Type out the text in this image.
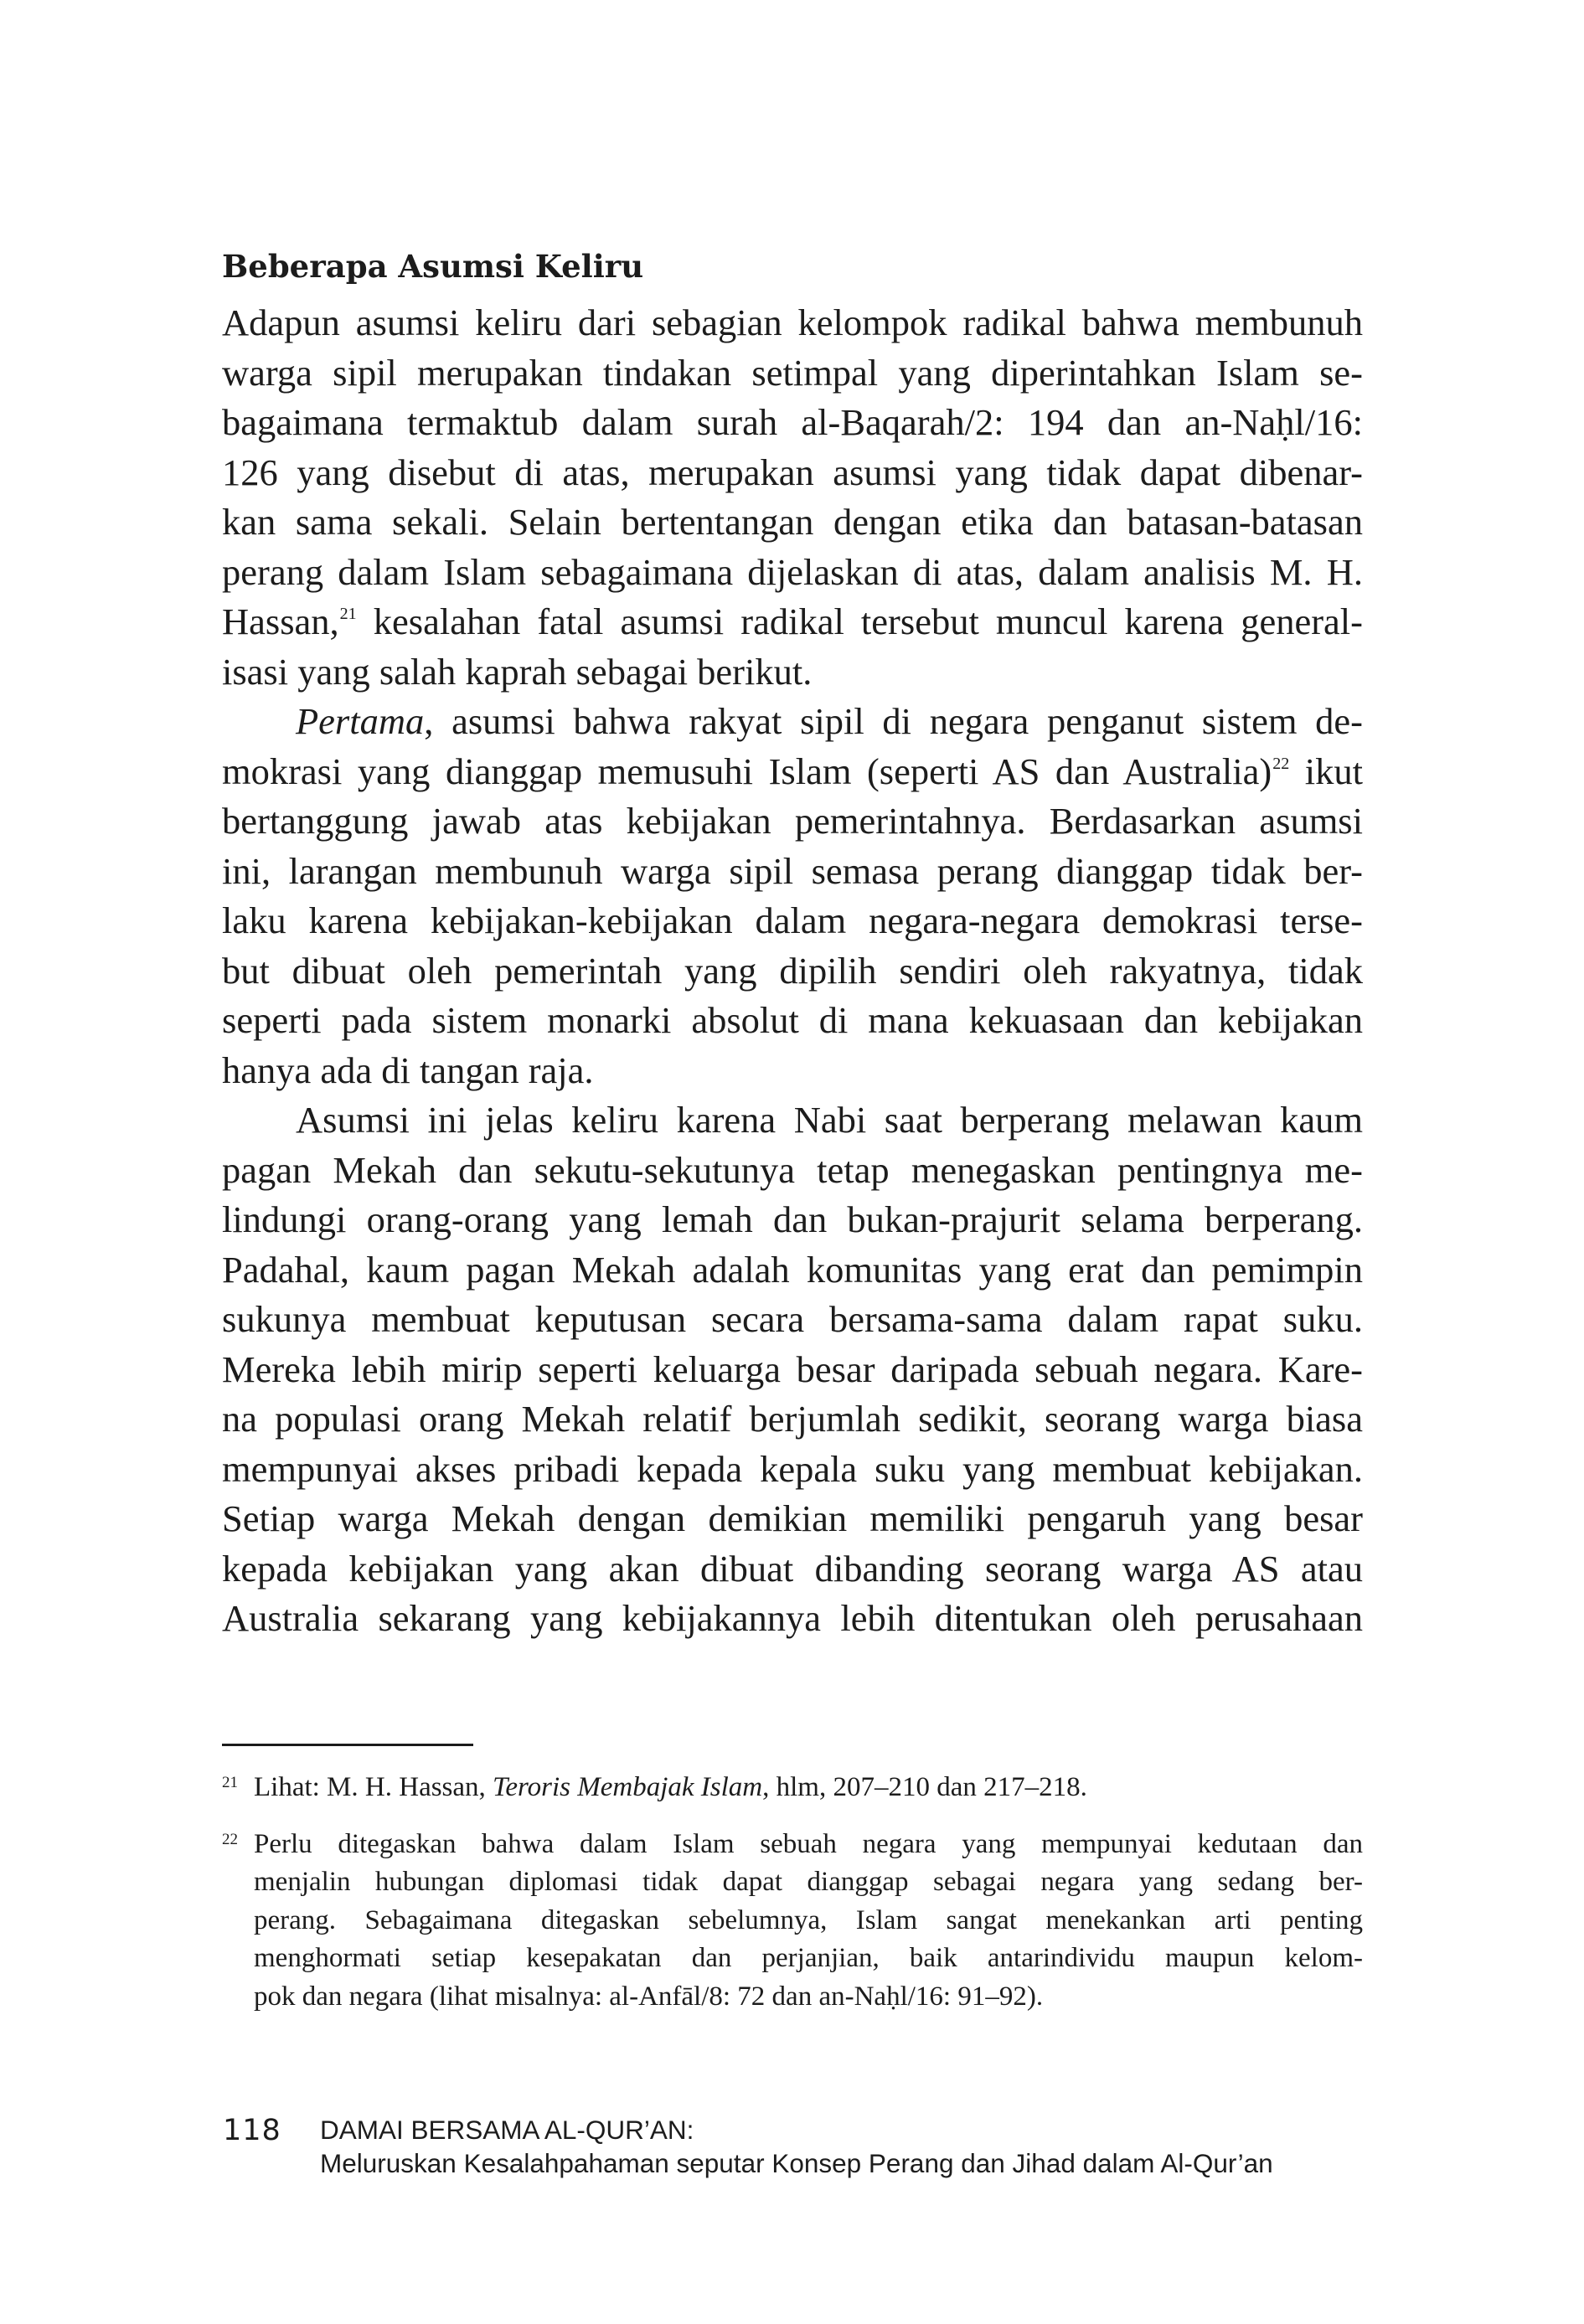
Beberapa Asumsi Keliru
Adapun asumsi keliru dari sebagian kelompok radikal bahwa membunuh
warga sipil merupakan tindakan setimpal yang diperintahkan Islam se-
bagaimana termaktub dalam surah al-Baqarah/2: 194 dan an-Naḥl/16:
126 yang disebut di atas, merupakan asumsi yang tidak dapat dibenar-
kan sama sekali. Selain bertentangan dengan etika dan batasan-batasan
perang dalam Islam sebagaimana dijelaskan di atas, dalam analisis M. H.
Hassan,$^{21}$ kesalahan fatal asumsi radikal tersebut muncul karena general-
isasi yang salah kaprah sebagai berikut.
Pertama, asumsi bahwa rakyat sipil di negara penganut sistem de-
mokrasi yang dianggap memusuhi Islam (seperti AS dan Australia)$^{22}$ ikut
bertanggung jawab atas kebijakan pemerintahnya. Berdasarkan asumsi
ini, larangan membunuh warga sipil semasa perang dianggap tidak ber-
laku karena kebijakan-kebijakan dalam negara-negara demokrasi terse-
but dibuat oleh pemerintah yang dipilih sendiri oleh rakyatnya, tidak
seperti pada sistem monarki absolut di mana kekuasaan dan kebijakan
hanya ada di tangan raja.
Asumsi ini jelas keliru karena Nabi saat berperang melawan kaum
pagan Mekah dan sekutu-sekutunya tetap menegaskan pentingnya me-
lindungi orang-orang yang lemah dan bukan-prajurit selama berperang.
Padahal, kaum pagan Mekah adalah komunitas yang erat dan pemimpin
sukunya membuat keputusan secara bersama-sama dalam rapat suku.
Mereka lebih mirip seperti keluarga besar daripada sebuah negara. Kare-
na populasi orang Mekah relatif berjumlah sedikit, seorang warga biasa
mempunyai akses pribadi kepada kepala suku yang membuat kebijakan.
Setiap warga Mekah dengan demikian memiliki pengaruh yang besar
kepada kebijakan yang akan dibuat dibanding seorang warga AS atau
Australia sekarang yang kebijakannya lebih ditentukan oleh perusahaan
21 Lihat: M. H. Hassan, Teroris Membajak Islam, hlm, 207–210 dan 217–218.
22 Perlu ditegaskan bahwa dalam Islam sebuah negara yang mempunyai kedutaan dan
menjalin hubungan diplomasi tidak dapat dianggap sebagai negara yang sedang ber-
perang. Sebagaimana ditegaskan sebelumnya, Islam sangat menekankan arti penting
menghormati setiap kesepakatan dan perjanjian, baik antarindividu maupun kelom-
pok dan negara (lihat misalnya: al-Anfāl/8: 72 dan an-Naḥl/16: 91–92).
118 DAMAI BERSAMA AL-QUR’AN:
Meluruskan Kesalahpahaman seputar Konsep Perang dan Jihad dalam Al-Qur’an
